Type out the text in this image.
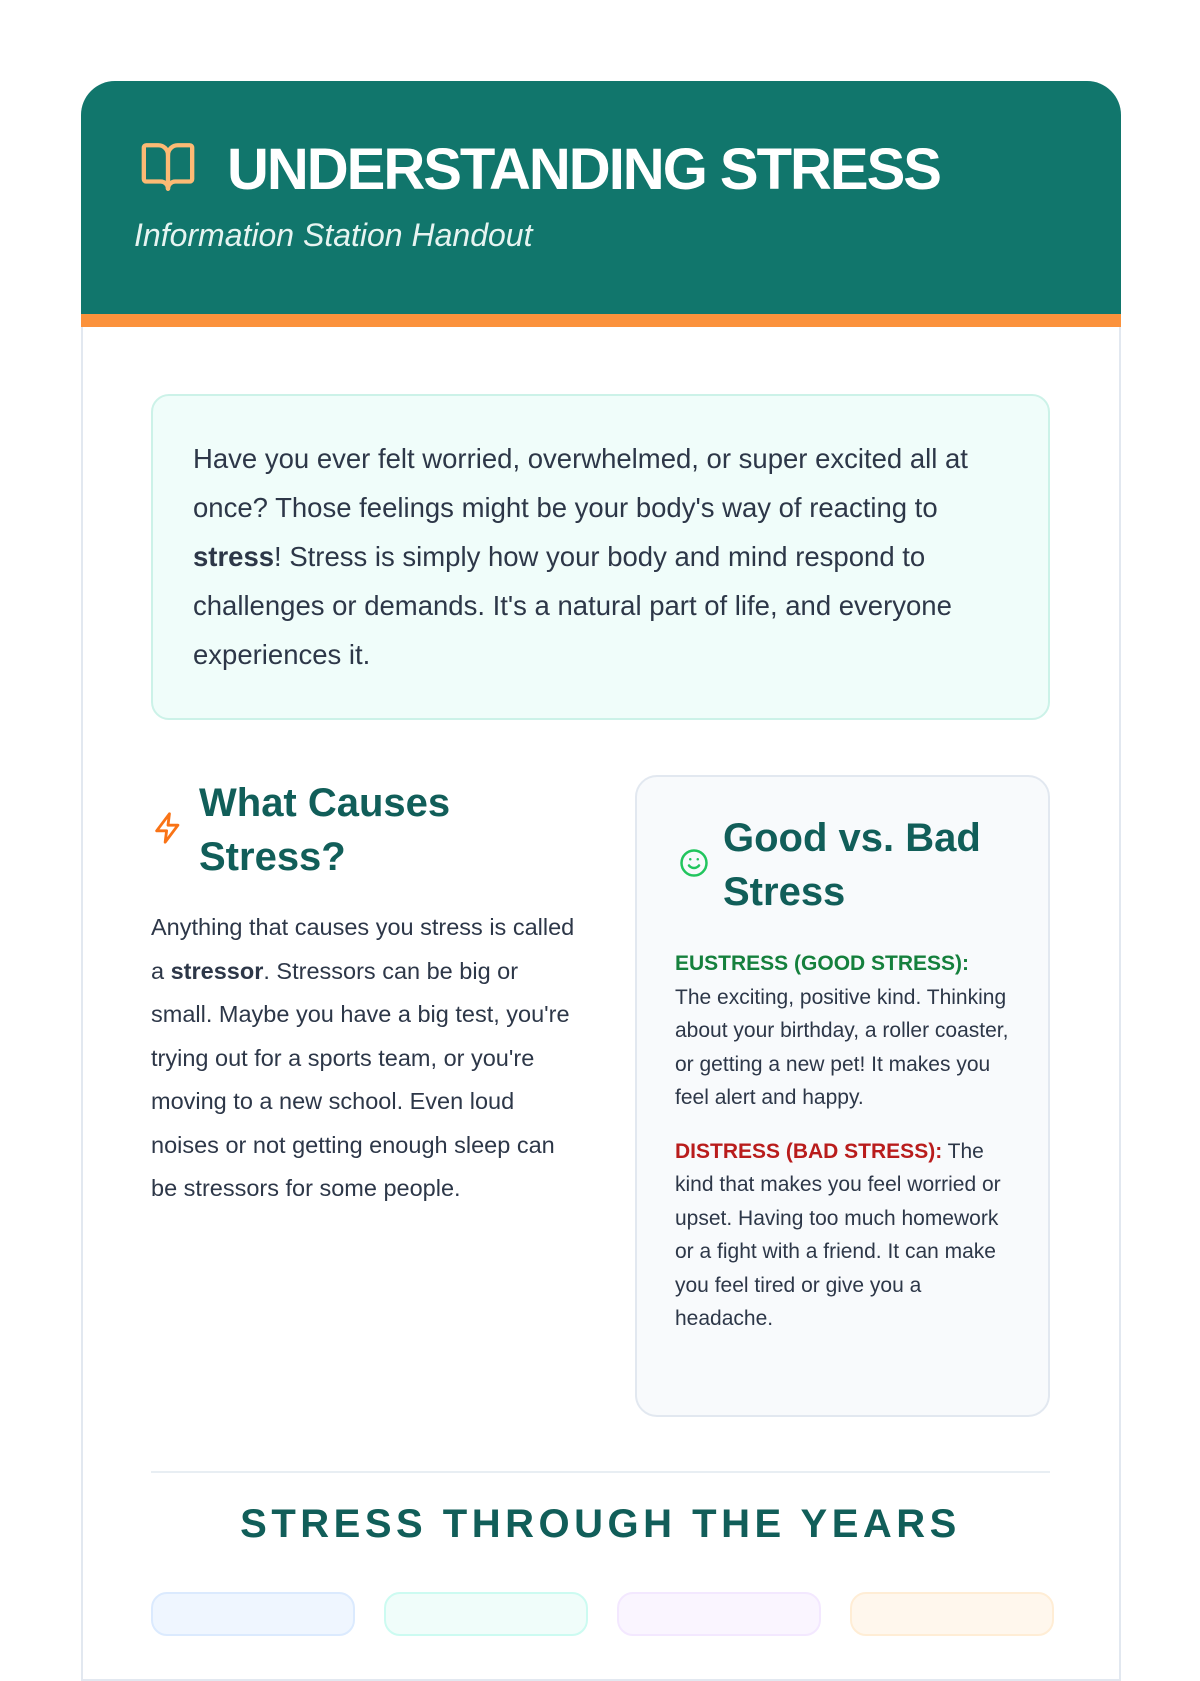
UNDERSTANDING STRESS
Information Station Handout
Have you ever felt worried, overwhelmed, or super excited all at once? Those feelings might be your body's way of reacting to stress! Stress is simply how your body and mind respond to challenges or demands. It's a natural part of life, and everyone experiences it.
What Causes Stress?
Anything that causes you stress is called a stressor. Stressors can be big or small. Maybe you have a big test, you're trying out for a sports team, or you're moving to a new school. Even loud noises or not getting enough sleep can be stressors for some people.
Good vs. Bad Stress

EUSTRESS (GOOD STRESS):
The exciting, positive kind. Thinking about your birthday, a roller coaster, or getting a new pet! It makes you feel alert and happy.

DISTRESS (BAD STRESS): The kind that makes you feel worried or upset. Having too much homework or a fight with a friend. It can make you feel tired or give you a headache.

STRESS THROUGH THE YEARS
